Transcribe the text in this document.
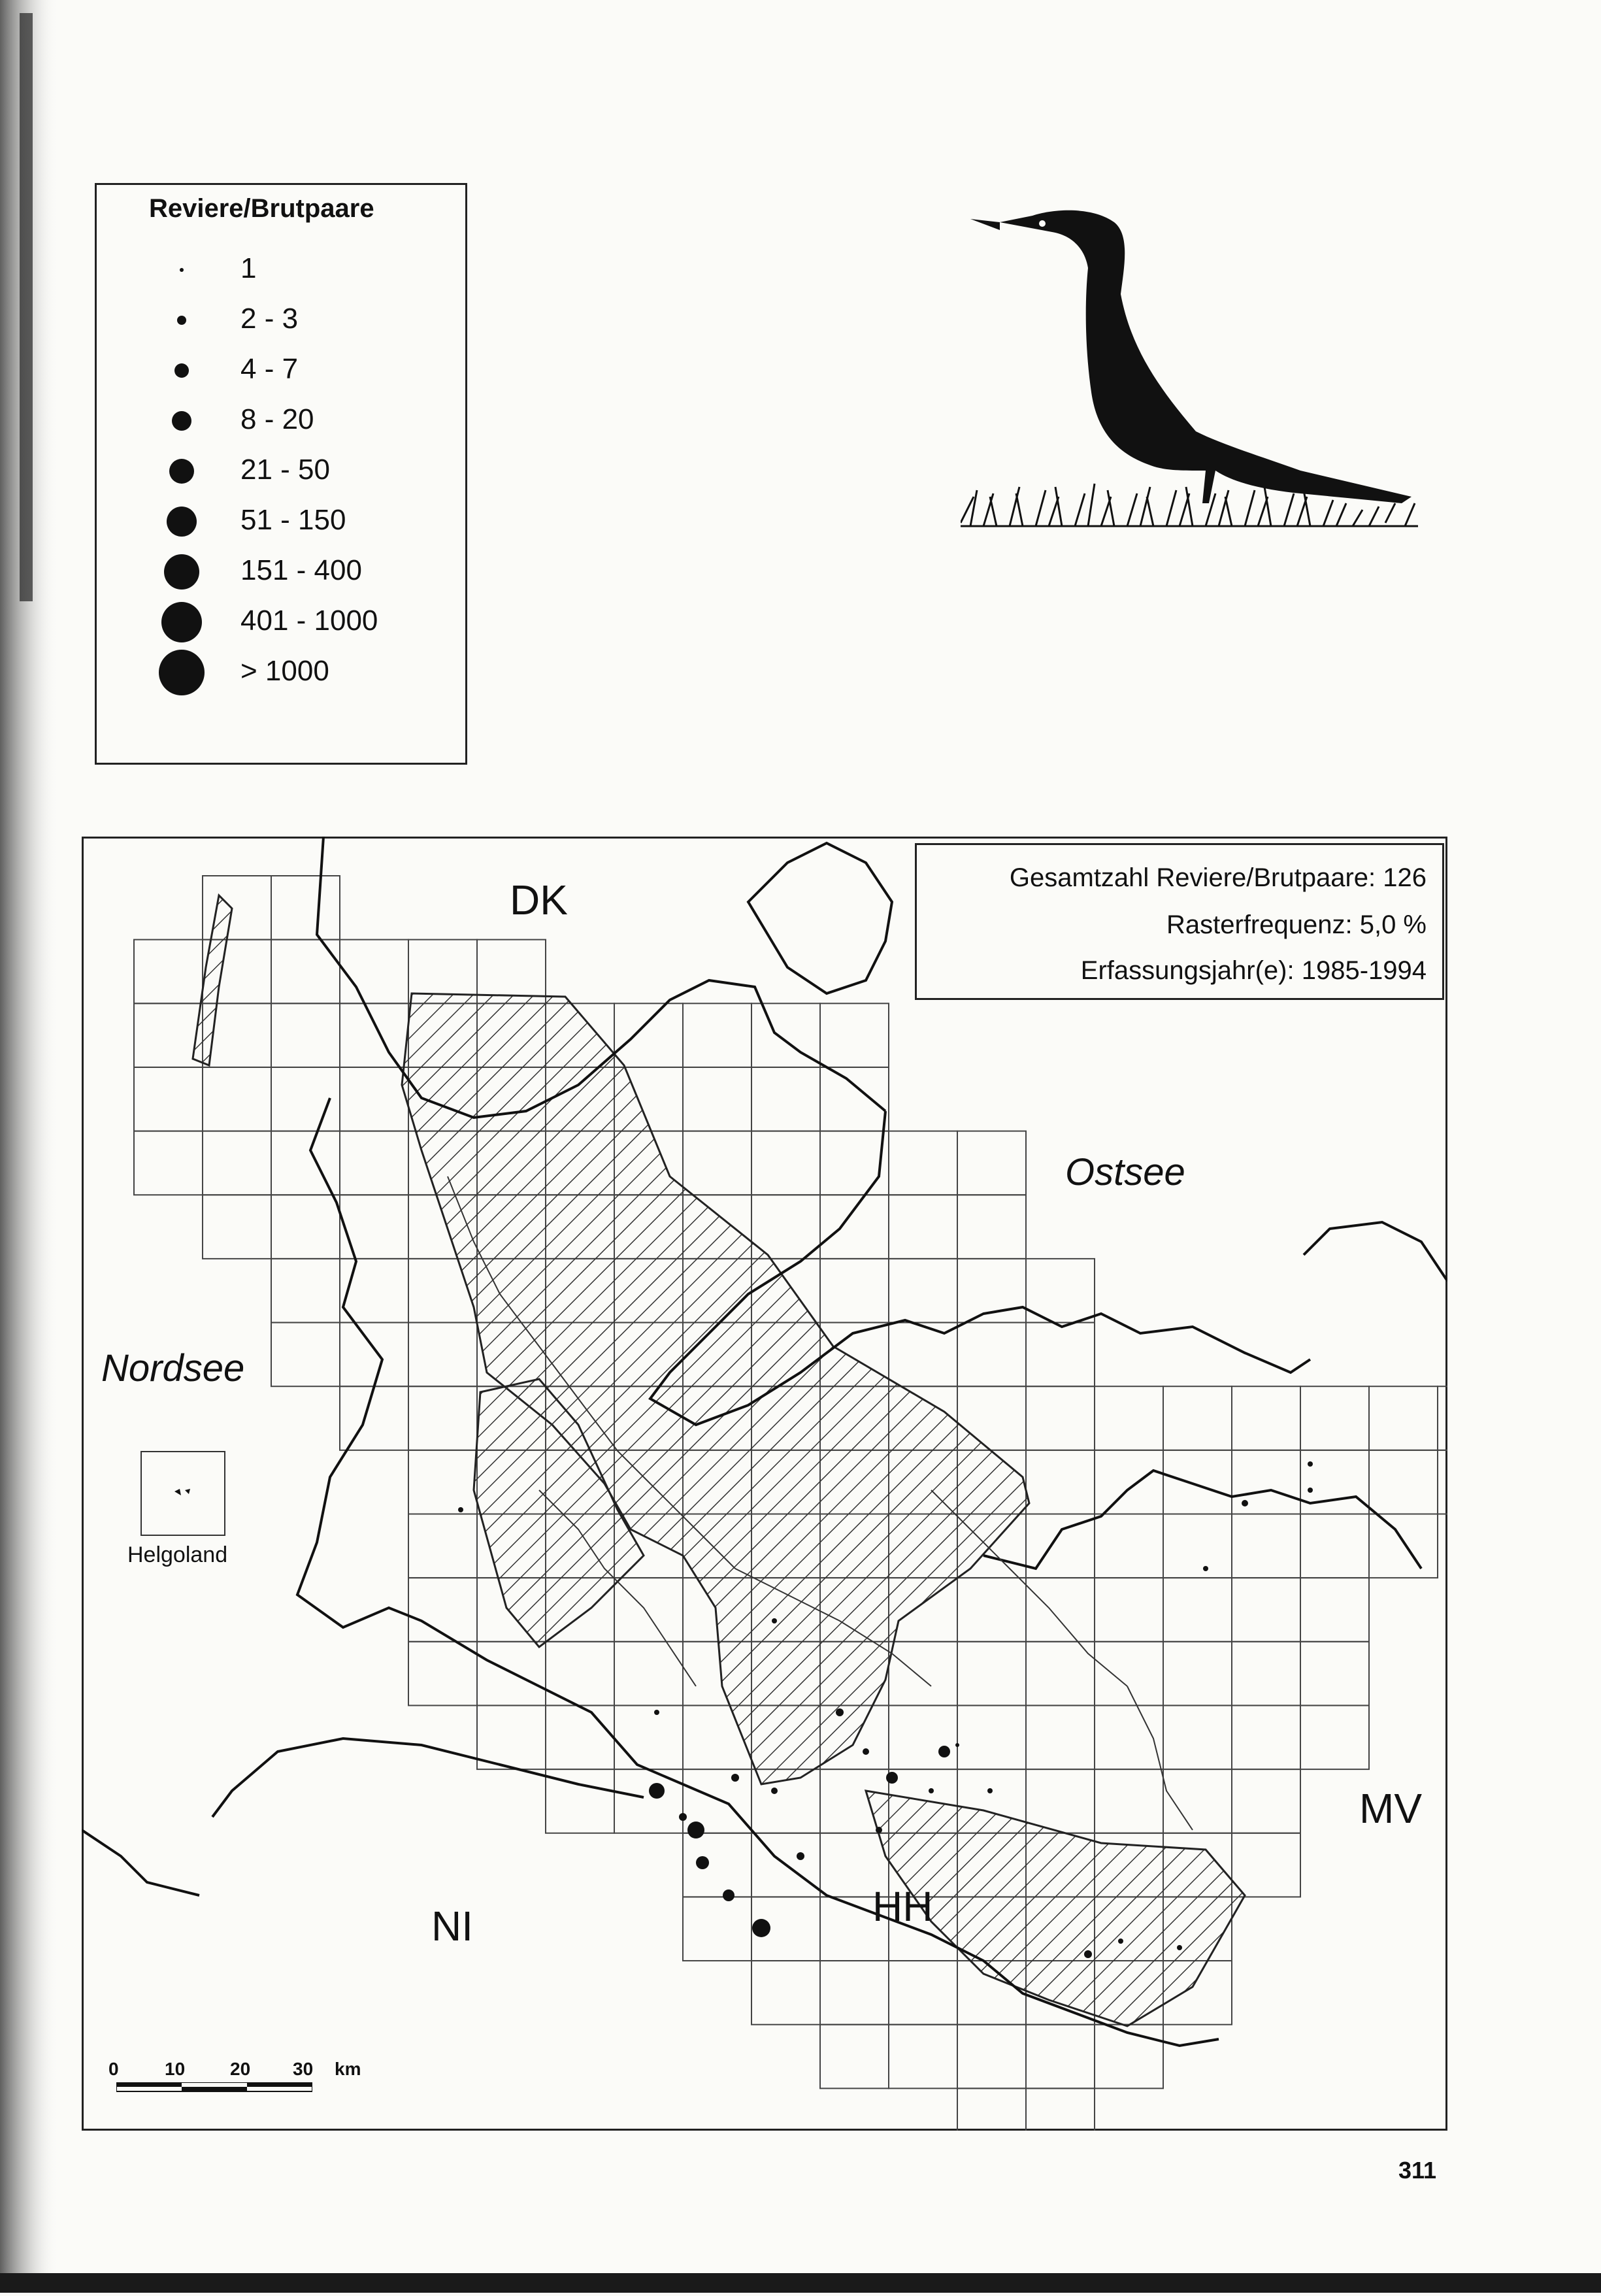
Reviere/Brutpaare
1
2 - 3
4 - 7
8 - 20
21 - 50
51 - 150
151 - 400
401 - 1000
> 1000
Gesamtzahl Reviere/Brutpaare: 126
Rasterfrequenz: 5,0 %
Erfassungsjahr(e): 1985-1994
DK
Ostsee
Nordsee
MV
NI	HH
Helgoland
0	10 20 30 km
311
